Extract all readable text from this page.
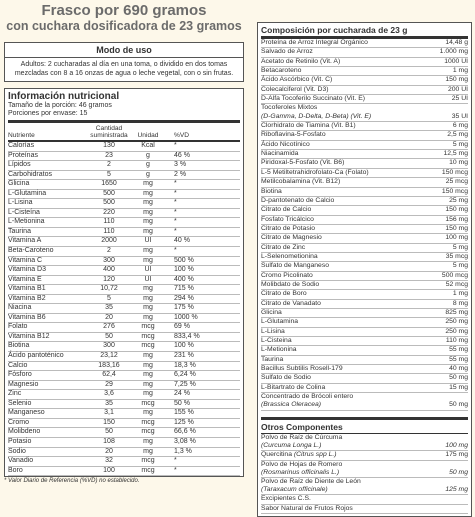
Frasco por 690 gramos
con cuchara dosificadora de 23 gramos
Modo de uso
Adultos: 2 cucharadas al día en una toma, o dividido en dos tomas mezcladas con 8 a 16 onzas de agua o leche vegetal, con o sin frutas.
Información nutricional
Tamaño de la porción: 46 gramos
Porciones por envase: 15
Nutriente
Cantidad suministrada	Unidad	%VD
Calorías	130	Kcal	*
Proteínas	23	g	46 %
Lípidos	2	g	3 %
Carbohidratos	5	g	2 %
Glicina	1650	mg	*
L-Glutamina	500	mg	*
L-Lisina	500	mg	*
L-Cisteína	220	mg	*
L-Metionina	110	mg	*
Taurina	110	mg	*
Vitamina A	2000	UI	40 %
Beta-Caroteno	2	mg	*
Vitamina C	300	mg	500 %
Vitamina D3	400	UI	100 %
Vitamina E	120	UI	400 %
Vitamina B1	10,72	mg	715 %
Vitamina B2	5	mg	294 %
Niacina	35	mg	175 %
Vitamina B6	20	mg	1000 %
Folato	276	mcg	69 %
Vitamina B12	50	mcg	833,4 %
Biotina	300	mcg	100 %
Ácido pantoténico	23,12	mg	231 %
Calcio	183,16	mg	18,3 %
Fósforo	62,4	mg	6,24 %
Magnesio	29	mg	7,25 %
Zinc	3,6	mg	24 %
Selenio	35	mcg	50 %
Manganeso	3,1	mg	155 %
Cromo	150	mcg	125 %
Molibdeno	50	mcg	66,6 %
Potasio	108	mg	3,08 %
Sodio	20	mg	1,3 %
Vanadio	32	mcg	*
Boro	100	mcg	*
* Valor Diario de Referencia (%VD) no establecido.
Composición por cucharada de 23 g
Proteína de Arroz Integral Orgánico	14,48 g
Salvado de Arroz	1.000 mg
Acetato de Retinilo (Vit. A)	1000 UI
Betacaroteno	1 mg
Ácido Ascórbico (Vit. C)	150 mg
Colecalciferol (Vit. D3)	200 UI
D-Alfa Tocoferilo Succinato (Vit. E)	25 UI
Tocoferoles Mixtos
(D-Gamma, D-Delta, D-Beta) (Vit. E)	35 UI
Clorhidrato de Tiamina (Vit. B1)	6 mg
Riboflavina-5-Fosfato	2,5 mg
Ácido Nicotínico	5 mg
Niacinamida	12,5 mg
Piridoxal-5-Fosfato (Vit. B6)	10 mg
L-5 Metiltetrahidrofolato-Ca (Folato)	150 mcg
Metilcobalamina (Vit. B12)	25 mcg
Biotina	150 mcg
D-pantotenato de Calcio	25 mg
Citrato de Calcio	150 mg
Fosfato Tricálcico	156 mg
Citrato de Potasio	150 mg
Citrato de Magnesio	100 mg
Citrato de Zinc	5 mg
L-Selenometionina	35 mcg
Sulfato de Manganeso	5 mg
Cromo Picolinato	500 mcg
Molibdato de Sodio	52 mcg
Citrato de Boro	1 mg
Citrato de Vanadato	8 mg
Glicina	825 mg
L-Glutamina	250 mg
L-Lisina	250 mg
L-Cisteina	110 mg
L-Metionina	55 mg
Taurina	55 mg
Bacillus Subtilis Rosell-179	40 mg
Sulfato de Sodio	50 mg
L-Bitartrato de Colina	15 mg
Concentrado de Brócoli entero
(Brassica Oleracea)	50 mg
Otros Componentes
Polvo de Raíz de Cúrcuma
(Curcuma Longa L.)	100 mg
Quercitina (Citrus spp L.)	175 mg
Polvo de Hojas de Romero
(Rosmarinus officinalis L.)	50 mg
Polvo de Raíz de Diente de León
(Taraxacum officinale)	125 mg
Excipientes C.S.
Sabor Natural de Frutos Rojos
